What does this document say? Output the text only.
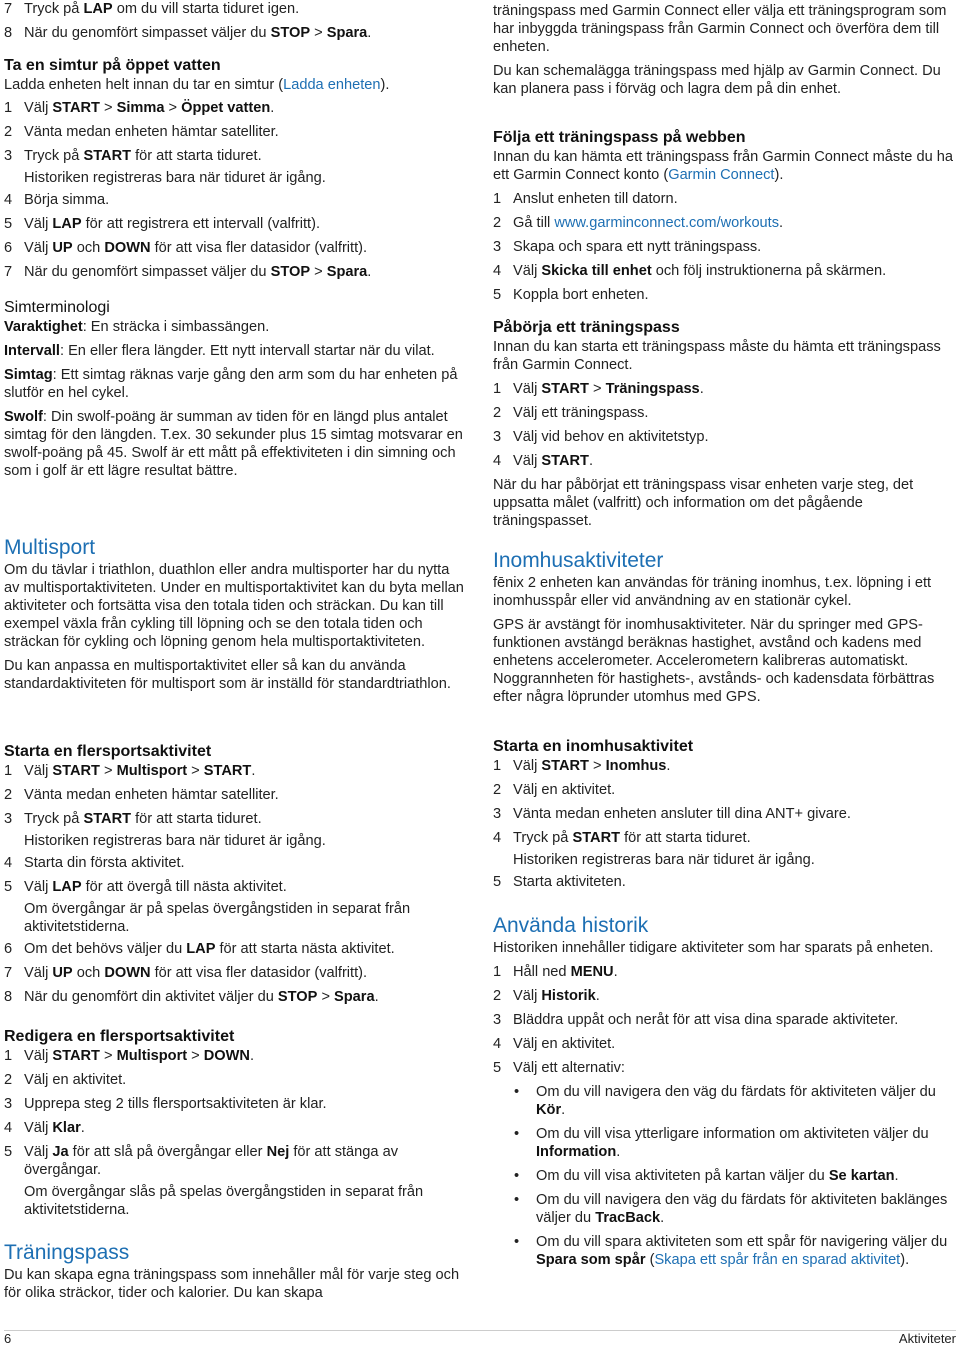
7 Tryck på LAP om du vill starta tiduret igen.
8 När du genomfört simpasset väljer du STOP > Spara.
Ta en simtur på öppet vatten

Ladda enheten helt innan du tar en simtur (Ladda enheten).

1 Välj START > Simma > Öppet vatten.
2 Vänta medan enheten hämtar satelliter.
3 Tryck på START för att starta tiduret.
Historiken registreras bara när tiduret är igång.
4 Börja simma.
5 Välj LAP för att registrera ett intervall (valfritt).
6 Välj UP och DOWN för att visa fler datasidor (valfritt).
7 När du genomfört simpasset väljer du STOP > Spara.
Simterminologi

Varaktighet: En sträcka i simbassängen.

Intervall: En eller flera längder. Ett nytt intervall startar när du vilat.

Simtag: Ett simtag räknas varje gång den arm som du har enheten på slutför en hel cykel.

Swolf: Din swolf-poäng är summan av tiden för en längd plus antalet simtag för den längden. T.ex. 30 sekunder plus 15 simtag motsvarar en swolf-poäng på 45. Swolf är ett mått på effektiviteten i din simning och som i golf är ett lägre resultat bättre.

Multisport

Om du tävlar i triathlon, duathlon eller andra multisporter har du nytta av multisportaktiviteten. Under en multisportaktivitet kan du byta mellan aktiviteter och fortsätta visa den totala tiden och sträckan. Du kan till exempel växla från cykling till löpning och se den totala tiden och sträckan för cykling och löpning genom hela multisportaktiviteten.

Du kan anpassa en multisportaktivitet eller så kan du använda standardaktiviteten för multisport som är inställd för standardtriathlon.

Starta en flersportsaktivitet
1 Välj START > Multisport > START.
2 Vänta medan enheten hämtar satelliter.
3 Tryck på START för att starta tiduret.
Historiken registreras bara när tiduret är igång.
4 Starta din första aktivitet.
5 Välj LAP för att övergå till nästa aktivitet.
Om övergångar är på spelas övergångstiden in separat från aktivitetstiderna.
6 Om det behövs väljer du LAP för att starta nästa aktivitet.
7 Välj UP och DOWN för att visa fler datasidor (valfritt).
8 När du genomfört din aktivitet väljer du STOP > Spara.
Redigera en flersportsaktivitet
1 Välj START > Multisport > DOWN.
2 Välj en aktivitet.
3 Upprepa steg 2 tills flersportsaktiviteten är klar.
4 Välj Klar.
5 Välj Ja för att slå på övergångar eller Nej för att stänga av övergångar.
Om övergångar slås på spelas övergångstiden in separat från aktivitetstiderna.
Träningspass

Du kan skapa egna träningspass som innehåller mål för varje steg och för olika sträckor, tider och kalorier. Du kan skapa

träningspass med Garmin Connect eller välja ett träningsprogram som har inbyggda träningspass från Garmin Connect och överföra dem till enheten.

Du kan schemalägga träningspass med hjälp av Garmin Connect. Du kan planera pass i förväg och lagra dem på din enhet.

Följa ett träningspass på webben

Innan du kan hämta ett träningspass från Garmin Connect måste du ha ett Garmin Connect konto (Garmin Connect).

1 Anslut enheten till datorn.
2 Gå till www.garminconnect.com/workouts.
3 Skapa och spara ett nytt träningspass.
4 Välj Skicka till enhet och följ instruktionerna på skärmen.
5 Koppla bort enheten.
Påbörja ett träningspass

Innan du kan starta ett träningspass måste du hämta ett träningspass från Garmin Connect.

1 Välj START > Träningspass.
2 Välj ett träningspass.
3 Välj vid behov en aktivitetstyp.
4 Välj START.

När du har påbörjat ett träningspass visar enheten varje steg, det uppsatta målet (valfritt) och information om det pågående träningspasset.

Inomhusaktiviteter

fēnix 2 enheten kan användas för träning inomhus, t.ex. löpning i ett inomhusspår eller vid användning av en stationär cykel.

GPS är avstängt för inomhusaktiviteter. När du springer med GPS-funktionen avstängd beräknas hastighet, avstånd och kadens med enhetens accelerometer. Accelerometern kalibreras automatiskt. Noggrannheten för hastighets-, avstånds- och kadensdata förbättras efter några löprunder utomhus med GPS.

Starta en inomhusaktivitet
1 Välj START > Inomhus.
2 Välj en aktivitet.
3 Vänta medan enheten ansluter till dina ANT+ givare.
4 Tryck på START för att starta tiduret.
Historiken registreras bara när tiduret är igång.
5 Starta aktiviteten.
Använda historik

Historiken innehåller tidigare aktiviteter som har sparats på enheten.

1 Håll ned MENU.
2 Välj Historik.
3 Bläddra uppåt och neråt för att visa dina sparade aktiviteter.
4 Välj en aktivitet.
5 Välj ett alternativ:
• Om du vill navigera den väg du färdats för aktiviteten väljer du Kör.
• Om du vill visa ytterligare information om aktiviteten väljer du Information.
• Om du vill visa aktiviteten på kartan väljer du Se kartan.
• Om du vill navigera den väg du färdats för aktiviteten baklänges väljer du TracBack.
• Om du vill spara aktiviteten som ett spår för navigering väljer du Spara som spår (Skapa ett spår från en sparad aktivitet).
6	Aktiviteter
